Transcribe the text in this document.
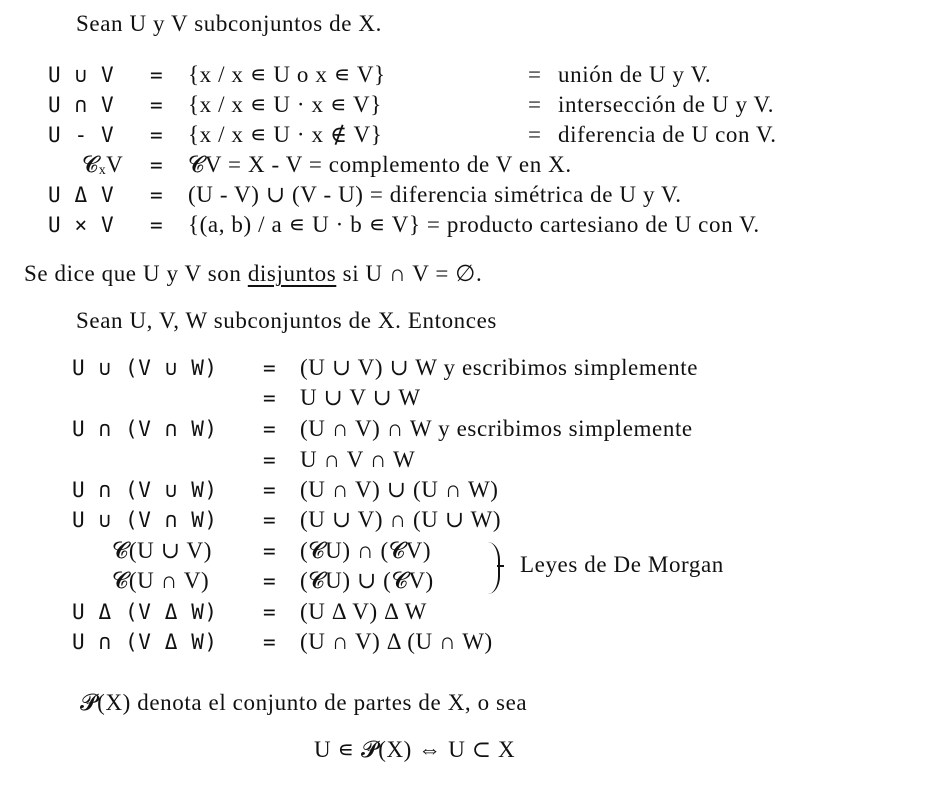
Sean U y V subconjuntos de X.
U ∪ V = {x / x ∊ U o x ∊ V}	= unión de U y V.
U ∩ V = {x / x ∊ U · x ∊ V}	= intersección de U y V.
U - V = {x / x ∊ U · x ∉ V}	= diferencia de U con V.
𝓒ₓV = 𝓒V = X - V = complemento de V en X.
U Δ V = (U - V) ∪ (V - U) = diferencia simétrica de U y V.
U × V = {(a, b) / a ∊ U · b ∊ V} = producto cartesiano de U con V.
Se dice que U y V son disjuntos si U ∩ V = ∅.
Sean U, V, W subconjuntos de X. Entonces
U ∪ (V ∪ W) = (U ∪ V) ∪ W y escribimos simplemente
= U ∪ V ∪ W
U ∩ (V ∩ W) = (U ∩ V) ∩ W y escribimos simplemente
= U ∩ V ∩ W
U ∩ (V ∪ W) = (U ∩ V) ∪ (U ∩ W)
U ∪ (V ∩ W) = (U ∪ V) ∩ (U ∪ W)
𝓒(U ∪ V) = (𝓒U) ∩ (𝓒V)
𝓒(U ∩ V)	= (𝓒U) ∪ (𝓒V)
Leyes de De Morgan
U Δ (V Δ W) = (U Δ V) Δ W
U ∩ (V Δ W) = (U ∩ V) Δ (U ∩ W)
𝓟(X) denota el conjunto de partes de X, o sea
U ∊ 𝓟(X) ⇔ U ⊂ X
